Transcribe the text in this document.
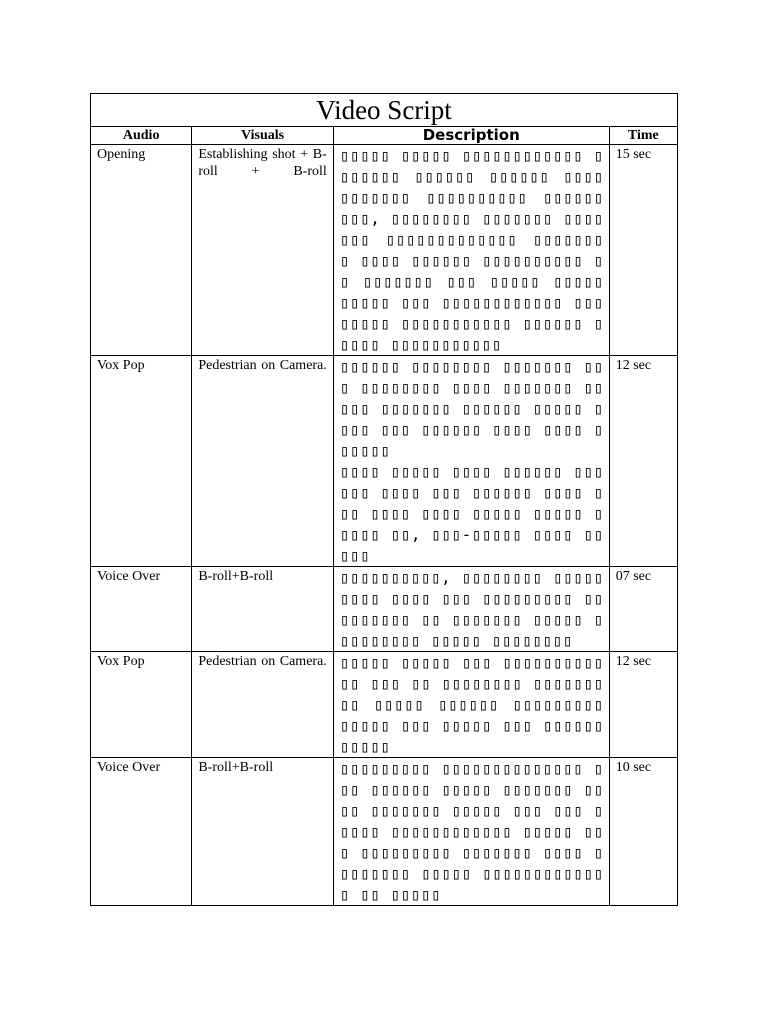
Video Script			
Audio	Visuals	Description	Time
Opening	Establishing shot + B-roll + B-roll	▯▯▯▯▯ ▯▯▯▯▯ ▯▯▯▯▯▯▯▯▯▯▯▯ ▯▯▯▯▯▯▯ ▯▯▯▯▯▯ ▯▯▯▯▯▯ ▯▯▯▯ ▯▯▯▯▯▯▯ ▯▯▯▯▯▯▯▯▯▯ ▯▯▯▯▯▯ ▯▯▯, ▯▯▯▯▯▯▯▯ ▯▯▯▯▯▯▯ ▯▯▯▯▯▯▯ ▯▯▯▯▯▯▯▯▯▯▯▯▯ ▯▯▯▯▯▯▯ ▯ ▯▯▯▯ ▯▯▯▯▯▯ ▯▯▯▯▯▯▯▯▯▯ ▯▯ ▯▯▯▯▯▯▯ ▯▯▯ ▯▯▯▯▯ ▯▯▯▯▯ ▯▯▯▯▯ ▯▯▯ ▯▯▯▯▯▯▯▯▯▯▯▯ ▯▯▯▯▯▯▯▯ ▯▯▯▯▯▯▯▯▯▯▯ ▯▯▯▯▯▯ ▯▯▯▯▯ ▯▯▯▯▯▯▯▯▯▯▯	15 sec
Vox Pop	Pedestrian on Camera.	▯▯▯▯▯▯ ▯▯▯▯▯▯▯▯ ▯▯▯▯▯▯▯ ▯▯▯ ▯▯▯▯▯▯▯▯ ▯▯▯▯ ▯▯▯▯▯▯▯ ▯▯▯▯▯ ▯▯▯▯▯▯▯ ▯▯▯▯▯▯ ▯▯▯▯▯ ▯▯▯▯ ▯▯▯ ▯▯▯▯▯▯ ▯▯▯▯ ▯▯▯▯ ▯▯▯▯▯▯
▯▯▯▯ ▯▯▯▯▯ ▯▯▯▯ ▯▯▯▯▯▯ ▯▯▯▯▯▯ ▯▯▯▯ ▯▯▯ ▯▯▯▯▯▯ ▯▯▯▯ ▯▯▯ ▯▯▯▯ ▯▯▯▯ ▯▯▯▯▯ ▯▯▯▯▯ ▯▯▯▯▯ ▯▯, ▯▯▯-▯▯▯▯▯ ▯▯▯▯ ▯▯▯▯▯	12 sec
Voice Over	B-roll+B-roll	▯▯▯▯▯▯▯▯▯▯, ▯▯▯▯▯▯▯▯ ▯▯▯▯▯ ▯▯▯▯ ▯▯▯▯ ▯▯▯ ▯▯▯▯▯▯▯▯▯ ▯▯▯▯▯▯▯▯▯ ▯▯ ▯▯▯▯▯▯▯ ▯▯▯▯▯ ▯▯▯▯▯▯▯▯▯ ▯▯▯▯▯ ▯▯▯▯▯▯▯▯	07 sec
Vox Pop	Pedestrian on Camera.	▯▯▯▯▯ ▯▯▯▯▯ ▯▯▯ ▯▯▯▯▯▯▯▯▯▯▯▯ ▯▯▯ ▯▯ ▯▯▯▯▯▯▯▯ ▯▯▯▯▯▯▯▯▯ ▯▯▯▯▯ ▯▯▯▯▯▯ ▯▯▯▯▯▯▯▯▯ ▯▯▯▯▯ ▯▯▯ ▯▯▯▯▯ ▯▯▯ ▯▯▯▯▯▯▯▯▯▯▯	12 sec
Voice Over	B-roll+B-roll	▯▯▯▯▯▯▯▯▯ ▯▯▯▯▯▯▯▯▯▯▯▯▯▯ ▯▯▯ ▯▯▯▯▯▯ ▯▯▯▯▯ ▯▯▯▯▯▯▯ ▯▯▯▯ ▯▯▯▯▯▯▯ ▯▯▯▯▯ ▯▯▯ ▯▯▯ ▯▯▯▯▯ ▯▯▯▯▯▯▯▯▯▯▯▯ ▯▯▯▯▯ ▯▯▯ ▯▯▯▯▯▯▯▯▯ ▯▯▯▯▯▯▯ ▯▯▯▯ ▯▯▯▯▯▯▯▯ ▯▯▯▯▯ ▯▯▯▯▯▯▯▯▯▯▯▯▯ ▯▯ ▯▯▯▯▯	10 sec
